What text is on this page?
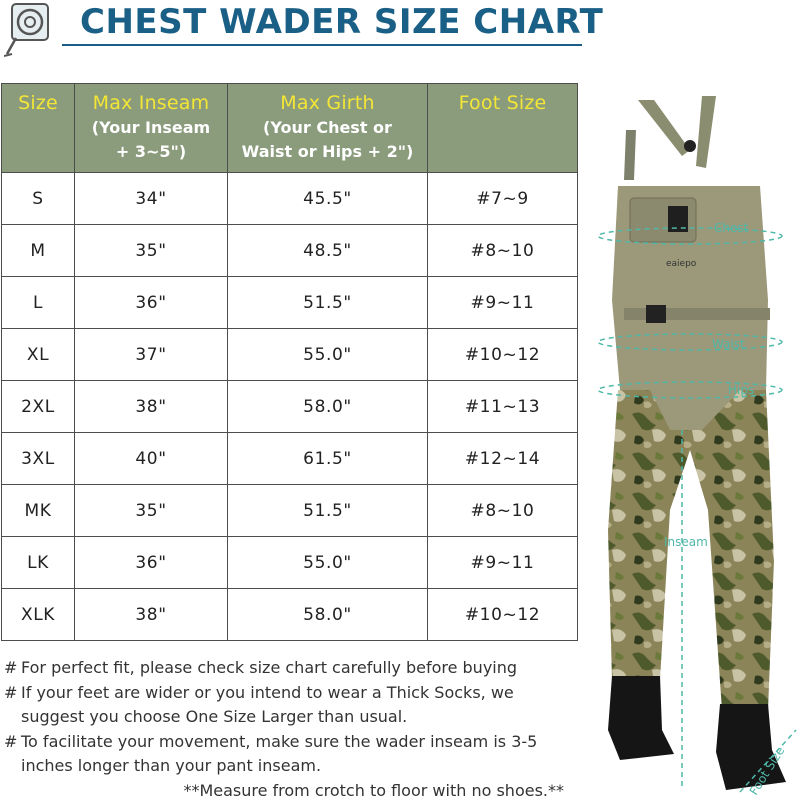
CHEST WADER SIZE CHART
Size	Max Inseam
(Your Inseam
+ 3~5")	Max Girth
(Your Chest or
Waist or Hips + 2")	Foot Size

S	34"	45.5"	#7~9
M	35"	48.5"	#8~10
L	36"	51.5"	#9~11
XL	37"	55.0"	#10~12
2XL	38"	58.0"	#11~13
3XL	40"	61.5"	#12~14
MK	35"	51.5"	#8~10
LK	36"	55.0"	#9~11
XLK	38"	58.0"	#10~12
# For perfect fit, please check size chart carefully before buying
# If your feet are wider or you intend to wear a Thick Socks, we suggest you choose One Size Larger than usual.
# To facilitate your movement, make sure the wader inseam is 3-5 inches longer than your pant inseam.
**Measure from crotch to floor with no shoes.**
eaiepo
Chest
Waist
Hips
Inseam
Foot Size
